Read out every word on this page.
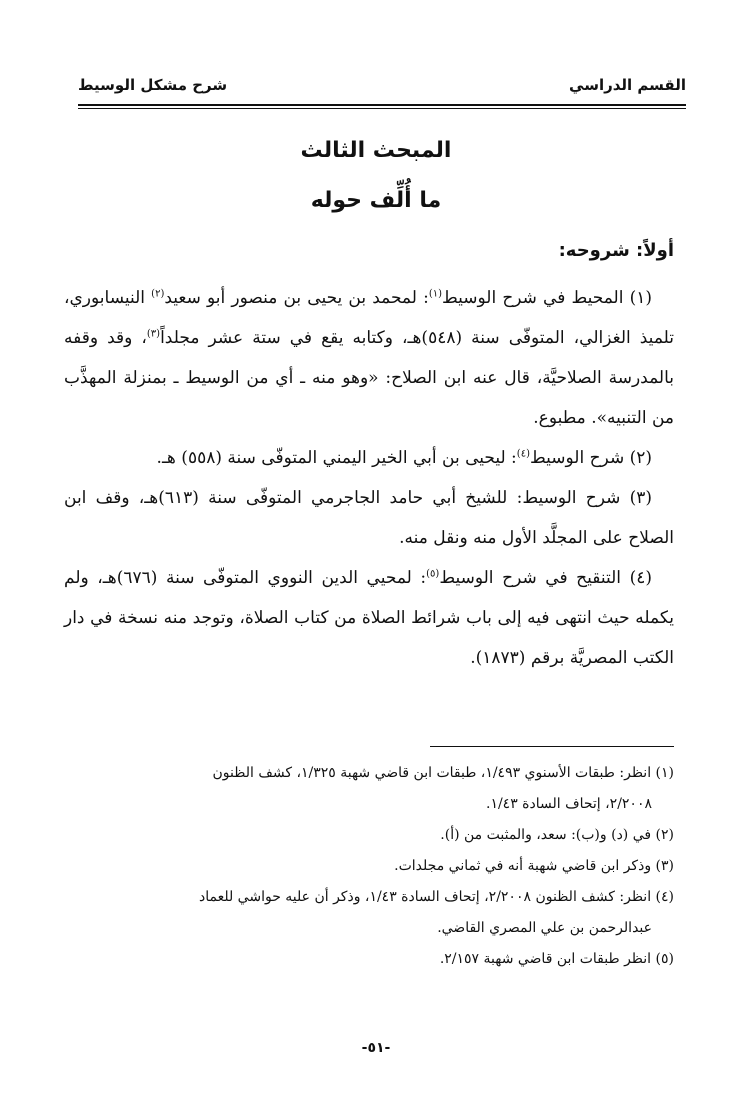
القسم الدراسي
شرح مشكل الوسيط
المبحث الثالث
ما أُلِّف حوله
أولاً: شروحه:

(١) المحيط في شرح الوسيط$^{(١)}$: لمحمد بن يحيى بن منصور أبو سعيد$^{(٢)}$ النيسابوري، تلميذ الغزالي، المتوفّى سنة (٥٤٨)هـ، وكتابه يقع في ستة عشر مجلداً$^{(٣)}$، وقد وقفه بالمدرسة الصلاحيَّة، قال عنه ابن الصلاح: «وهو منه ـ أي من الوسيط ـ بمنزلة المهذَّب من التنبيه». مطبوع.

(٢) شرح الوسيط$^{(٤)}$: ليحيى بن أبي الخير اليمني المتوفّى سنة (٥٥٨) هـ.

(٣) شرح الوسيط: للشيخ أبي حامد الجاجرمي المتوفّى سنة (٦١٣)هـ، وقف ابن الصلاح على المجلَّد الأول منه ونقل منه.

(٤) التنقيح في شرح الوسيط$^{(٥)}$: لمحيي الدين النووي المتوفّى سنة (٦٧٦)هـ، ولم يكمله حيث انتهى فيه إلى باب شرائط الصلاة من كتاب الصلاة، وتوجد منه نسخة في دار الكتب المصريَّة برقم (١٨٧٣).

(١) انظر: طبقات الأسنوي ١/٤٩٣، طبقات ابن قاضي شهبة ١/٣٢٥، كشف الظنون

٢/٢٠٠٨، إتحاف السادة ١/٤٣.

(٢) في (د) و(ب): سعد، والمثبت من (أ).

(٣) وذكر ابن قاضي شهبة أنه في ثماني مجلدات.

(٤) انظر: كشف الظنون ٢/٢٠٠٨، إتحاف السادة ١/٤٣، وذكر أن عليه حواشي للعماد

عبدالرحمن بن علي المصري القاضي.

(٥) انظر طبقات ابن قاضي شهبة ٢/١٥٧.

-٥١-
